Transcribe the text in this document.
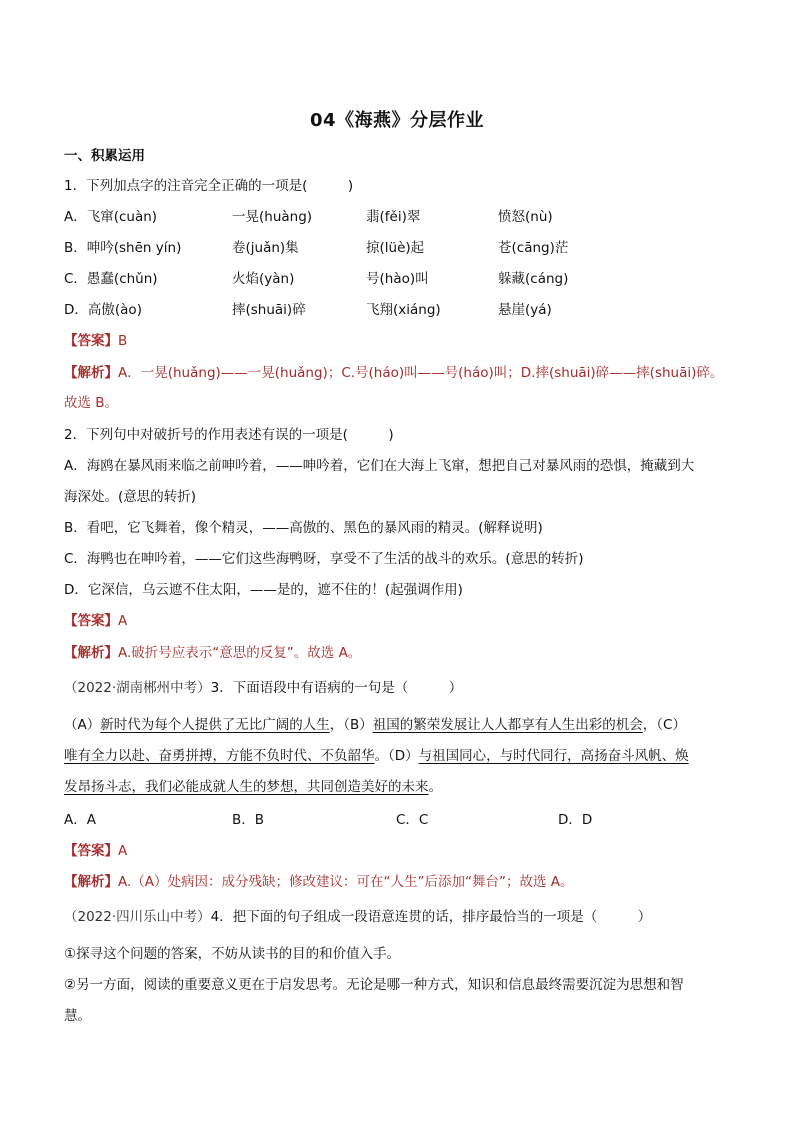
04《海燕》分层作业
一、积累运用
1．下列加点字的注音完全正确的一项是(　　　)
A．飞窜(cuàn)	一晃(huàng)	翡(fěi)翠	愤怒(nù)
B．呻吟(shēn yín)	卷(juǎn)集	掠(lüè)起	苍(cāng)茫
C．愚蠢(chǔn)	火焰(yàn)	号(hào)叫	躲藏(cáng)
D．高傲(ào)	摔(shuāi)碎	飞翔(xiáng)	悬崖(yá)
【答案】B
【解析】A．一晃(huǎng)——一晃(huǎng)；C.号(háo)叫——号(háo)叫；D.摔(shuāi)碎——摔(shuāi)碎。
故选 B。
2．下列句中对破折号的作用表述有误的一项是(　　　)
A．海鸥在暴风雨来临之前呻吟着，——呻吟着，它们在大海上飞窜，想把自己对暴风雨的恐惧，掩藏到大
海深处。(意思的转折)
B．看吧，它飞舞着，像个精灵，——高傲的、黑色的暴风雨的精灵。(解释说明)
C．海鸭也在呻吟着，——它们这些海鸭呀，享受不了生活的战斗的欢乐。(意思的转折)
D．它深信，乌云遮不住太阳，——是的，遮不住的！(起强调作用)
【答案】A
【解析】A.破折号应表示“意思的反复”。故选 A。
（2022·湖南郴州中考）3．下面语段中有语病的一句是（　　　）
（A）新时代为每个人提供了无比广阔的人生，（B）祖国的繁荣发展让人人都享有人生出彩的机会，（C）
唯有全力以赴、奋勇拼搏，方能不负时代、不负韶华。（D）与祖国同心，与时代同行，高扬奋斗风帆、焕
发昂扬斗志，我们必能成就人生的梦想，共同创造美好的未来。
A．A	B．B	C．C	D．D
【答案】A
【解析】A.（A）处病因：成分残缺；修改建议：可在“人生”后添加“舞台”；故选 A。
（2022·四川乐山中考）4．把下面的句子组成一段语意连贯的话，排序最恰当的一项是（　　　）
①探寻这个问题的答案，不妨从读书的目的和价值入手。
②另一方面，阅读的重要意义更在于启发思考。无论是哪一种方式，知识和信息最终需要沉淀为思想和智
慧。
